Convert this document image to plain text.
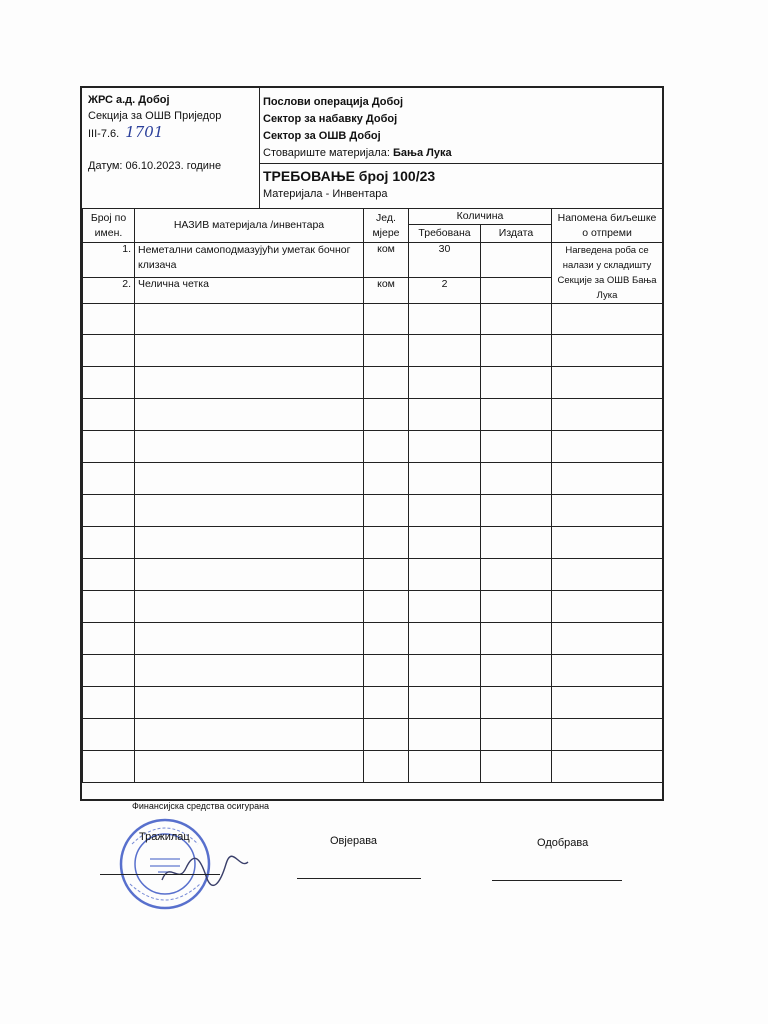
ЖРС а.д. Добој
Секција за ОШВ Приједор
III-7.6. 1701
Датум: 06.10.2023. године
Послови операција Добој
Сектор за набавку Добој
Сектор за ОШВ Добој
Стовариште материјала: Бања Лука
ТРЕБОВАЊЕ број 100/23
Материјала - Инвентара
Број по имен.	НАЗИВ материјала /инвентара	Јед. мјере	Количина		Напомена биљешке о отпреми
			Требована	Издата	
1.	Неметални самоподмазујући уметак бочног клизача	ком	30		Нагведена роба се налази у складишту Секције за ОШВ Бања Лука
2.	Челична четка	ком	2		

Финансијска средства осигурана
Тражилац	Овјерава	Одобрава
